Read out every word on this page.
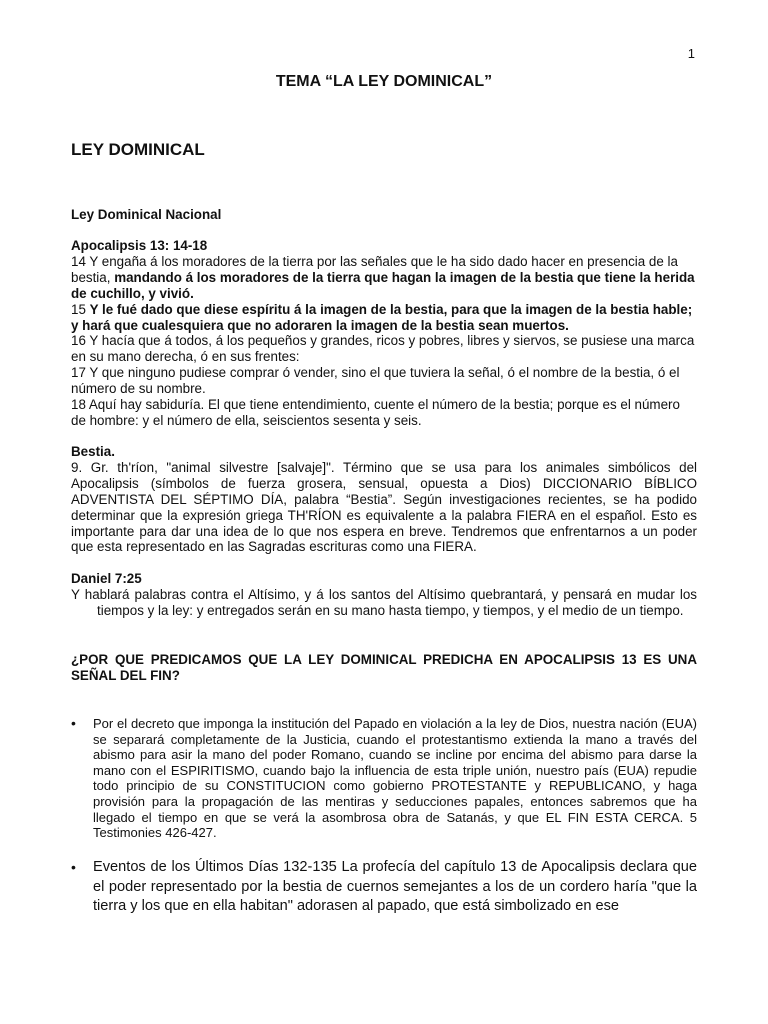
1
TEMA “LA LEY DOMINICAL”
LEY DOMINICAL
Ley Dominical Nacional
Apocalipsis 13: 14-18
14 Y engaña á los moradores de la tierra por las señales que le ha sido dado hacer en presencia de la bestia, mandando á los moradores de la tierra que hagan la imagen de la bestia que tiene la herida de cuchillo, y vivió.
15 Y le fué dado que diese espíritu á la imagen de la bestia, para que la imagen de la bestia hable; y hará que cualesquiera que no adoraren la imagen de la bestia sean muertos.
16 Y hacía que á todos, á los pequeños y grandes, ricos y pobres, libres y siervos, se pusiese una marca en su mano derecha, ó en sus frentes:
17 Y que ninguno pudiese comprar ó vender, sino el que tuviera la señal, ó el nombre de la bestia, ó el número de su nombre.
18 Aquí hay sabiduría. El que tiene entendimiento, cuente el número de la bestia; porque es el número de hombre: y el número de ella, seiscientos sesenta y seis.
Bestia.
9. Gr. th'ríon, "animal silvestre [salvaje]". Término que se usa para los animales simbólicos del Apocalipsis (símbolos de fuerza grosera, sensual, opuesta a Dios) DICCIONARIO BÍBLICO ADVENTISTA DEL SÉPTIMO DÍA, palabra “Bestia”. Según investigaciones recientes, se ha podido determinar que la expresión griega TH'RÍON es equivalente a la palabra FIERA en el español. Esto es importante para dar una idea de lo que nos espera en breve. Tendremos que enfrentarnos a un poder que esta representado en las Sagradas escrituras como una FIERA.
Daniel 7:25
Y hablará palabras contra el Altísimo, y á los santos del Altísimo quebrantará, y pensará en mudar los tiempos y la ley: y entregados serán en su mano hasta tiempo, y tiempos, y el medio de un tiempo.
¿POR QUE PREDICAMOS QUE LA LEY DOMINICAL PREDICHA EN APOCALIPSIS 13 ES UNA SEÑAL DEL FIN?
•	Por el decreto que imponga la institución del Papado en violación a la ley de Dios, nuestra nación (EUA) se separará completamente de la Justicia, cuando el protestantismo extienda la mano a través del abismo para asir la mano del poder Romano, cuando se incline por encima del abismo para darse la mano con el ESPIRITISMO, cuando bajo la influencia de esta triple unión, nuestro país (EUA) repudie todo principio de su CONSTITUCION como gobierno PROTESTANTE y REPUBLICANO, y haga provisión para la propagación de las mentiras y seducciones papales, entonces sabremos que ha llegado el tiempo en que se verá la asombrosa obra de Satanás, y que EL FIN ESTA CERCA. 5 Testimonies 426-427.
•	Eventos de los Últimos Días 132-135 La profecía del capítulo 13 de Apocalipsis declara que el poder representado por la bestia de cuernos semejantes a los de un cordero haría "que la tierra y los que en ella habitan" adorasen al papado, que está simbolizado en ese
